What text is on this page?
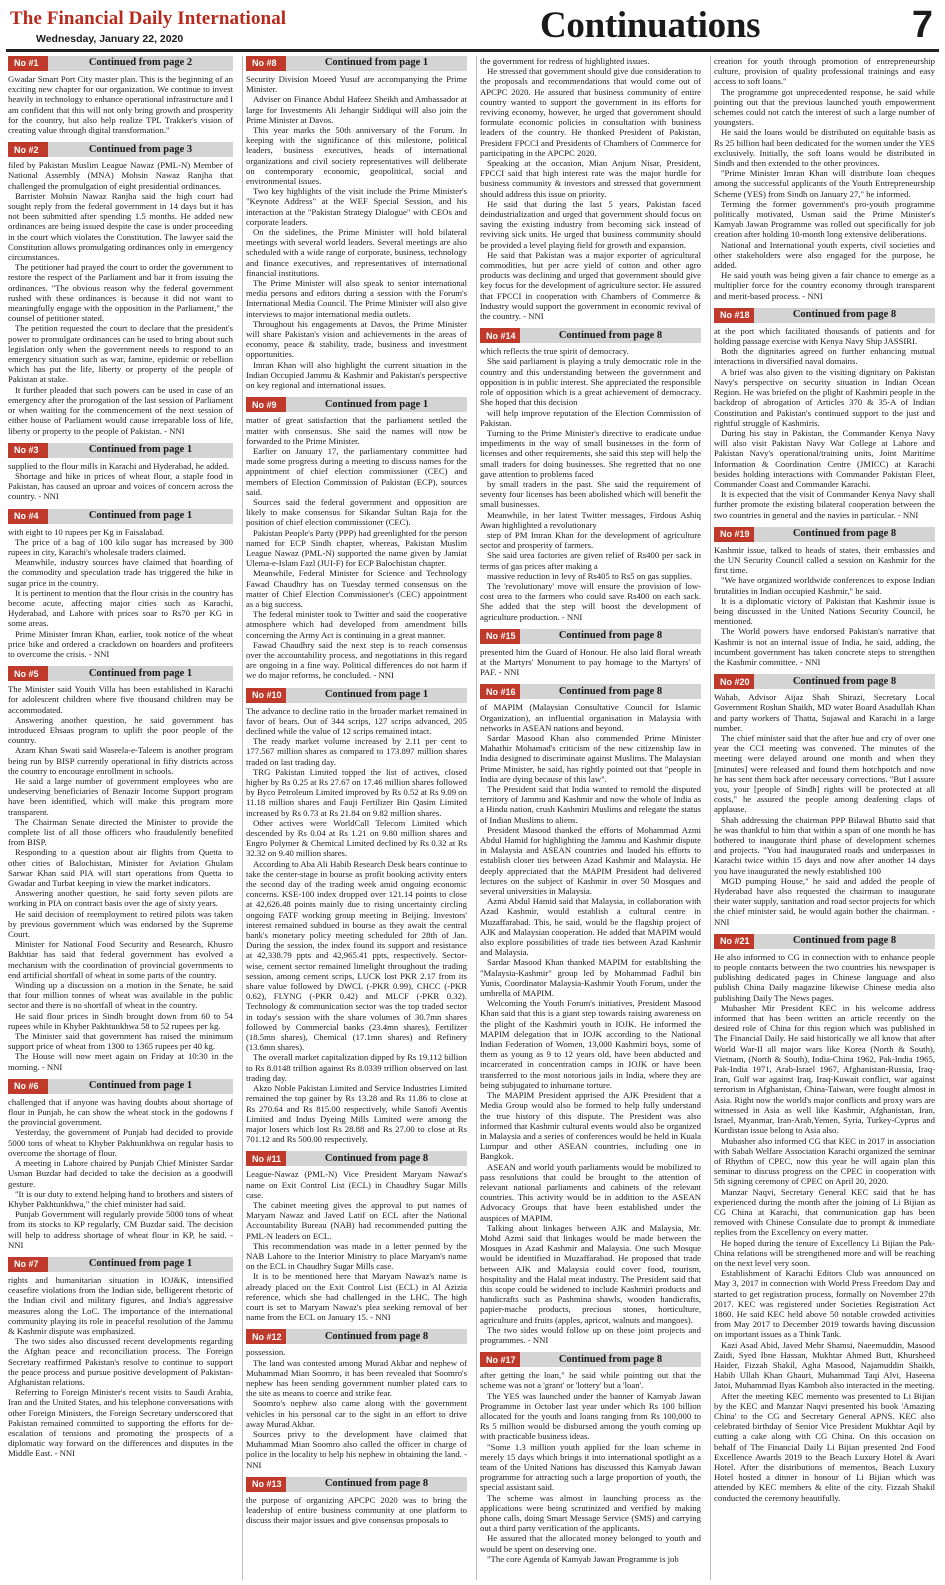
The Financial Daily International
Wednesday, January 22, 2020	Continuations	7
No #1	Continued from page 2

Gwadar Smart Port City master plan. This is the beginning of an exciting new chapter for our organization. We continue to invest heavily in technology to enhance operational infrastructure and I am confident that this will not only bring growth and prosperity for the country, but also help realize TPL Trakker's vision of creating value through digital transformation."

No #2	Continued from page 3

filed by Pakistan Muslim League Nawaz (PML-N) Member of National Assembly (MNA) Mohsin Nawaz Ranjha that challenged the promulgation of eight presidential ordinances.

Barrister Mohsin Nawaz Ranjha said the high court had sought reply from the federal government in 14 days but it has not been submitted after spending 1.5 months. He added new ordinances are being issued despite the case is under proceeding in the court which violates the Constitution. The lawyer said the Constitution allows promulgating ordinances only in emergency circumstances.

The petitioner had prayed the court to order the government to restore the respect of the Parliament and bar it from issuing the ordinances. "The obvious reason why the federal government rushed with these ordinances is because it did not want to meaningfully engage with the opposition in the Parliament," the counsel of petitioner stated.

The petition requested the court to declare that the president's power to promulgate ordinances can be used to bring about such legislation only when the government needs to respond to an emergency situation such as war, famine, epidemic or rebellion which has put the life, liberty or property of the people of Pakistan at stake.

It further pleaded that such powers can be used in case of an emergency after the prorogation of the last session of Parliament or when waiting for the commencement of the next session of either house of Parliament would cause irreparable loss of life, liberty or property to the people of Pakistan. - NNI

No #3	Continued from page 1

supplied to the flour mills in Karachi and Hyderabad, he added.

Shortage and hike in prices of wheat flour, a staple food in Pakistan, has caused an uproar and voices of concern across the country. - NNI

No #4	Continued from page 1

with eight to 10 rupees per Kg in Faisalabad.

The price of a bag of 100 kilo sugar has increased by 300 rupees in city, Karachi's wholesale traders claimed.

Meanwhile, industry sources have claimed that hoarding of the commodity and speculation trade has triggered the hike in sugar price in the country.

It is pertinent to mention that the flour crisis in the country has become acute, affecting major cities such as Karachi, Hyderabad, and Lahore with prices soar to Rs70 per KG in some areas.

Prime Minister Imran Khan, earlier, took notice of the wheat price hike and ordered a crackdown on hoarders and profiteers to overcome the crisis. - NNI

No #5	Continued from page 1

The Minister said Youth Villa has been established in Karachi for adolescent children where five thousand children may be accommodated.

Answering another question, he said government has introduced Ehsaas program to uplift the poor people of the country.

Azam Khan Swati said Waseela-e-Taleem is another program being run by BISP currently operational in fifty districts across the country to encourage enrollment in schools.

He said a large number of government employees who are undeserving beneficiaries of Benazir Income Support program have been identified, which will make this program more transparent.

The Chairman Senate directed the Minister to provide the complete list of all those officers who fraudulently benefited from BISP.

Responding to a question about air flights from Quetta to other cities of Balochistan, Minister for Aviation Ghulam Sarwar Khan said PIA will start operations from Quetta to Gwadar and Turbat keeping in view the market indicators.

Answering another question, he said forty seven pilots are working in PIA on contract basis over the age of sixty years.

He said decision of reemployment to retired pilots was taken by previous government which was endorsed by the Supreme Court.

Minister for National Food Security and Research, Khusro Bakhtiar has said that federal government has evolved a mechanism with the coordination of provincial governments to end artificial shortfall of wheat in some parts of the country.

Winding up a discussion on a motion in the Senate, he said that four million tonnes of wheat was available in the public sector and there is no shortfall of wheat in the country.

He said flour prices in Sindh brought down from 60 to 54 rupees while in Khyber Pakhtunkhwa 58 to 52 rupees per kg.

The Minister said that government has raised the minimum support price of wheat from 1300 to 1365 rupees per 40 kg.

The House will now meet again on Friday at 10:30 in the morning. - NNI

No #6	Continued from page 1

challenged that if anyone was having doubts about shortage of flour in Punjab, he can show the wheat stock in the godowns f the provincial government.

Yesterday, the government of Punjab had decided to provide 5000 tons of wheat to Khyber Pakhtunkhwa on regular basis to overcome the shortage of flour.

A meeting in Lahore chaired by Punjab Chief Minister Sardar Usman Buzdar had decided to take the decision as a goodwill gesture.

"It is our duty to extend helping hand to brothers and sisters of Khyber Pakhtunkhwa," the chief minister had said.

Punjab Government will regularly provide 5000 tons of wheat from its stocks to KP regularly, CM Buzdar said. The decision will help to address shortage of wheat flour in KP, he said. - NNI

No #7	Continued from page 1

rights and humanitarian situation in IOJ&K, intensified ceasefire violations from the Indian side, belligerent rhetoric of the Indian civil and military figures, and India's aggressive measures along the LoC. The importance of the international community playing its role in peaceful resolution of the Jammu & Kashmir dispute was emphasized.

The two sides also discussed recent developments regarding the Afghan peace and reconciliation process. The Foreign Secretary reaffirmed Pakistan's resolve to continue to support the peace process and pursue positive development of Pakistan-Afghanistan relations.

Referring to Foreign Minister's recent visits to Saudi Arabia, Iran and the United States, and his telephone conversations with other Foreign Ministers, the Foreign Secretary underscored that Pakistan remained committed to supporting the efforts for de-escalation of tensions and promoting the prospects of a diplomatic way forward on the differences and disputes in the Middle East. - NNI

No #8	Continued from page 1

Security Division Moeed Yusuf are accompanying the Prime Minister.

Adviser on Finance Abdul Hafeez Sheikh and Ambassador at large for Investments Ali Jehangir Siddiqui will also join the Prime Minister at Davos.

This year marks the 50th anniversary of the Forum. In keeping with the significance of this milestone, political leaders, business executives, heads of international organizations and civil society representatives will deliberate on contemporary economic, geopolitical, social and environmental issues.

Two key highlights of the visit include the Prime Minister's "Keynote Address" at the WEF Special Session, and his interaction at the "Pakistan Strategy Dialogue" with CEOs and corporate leaders.

On the sidelines, the Prime Minister will hold bilateral meetings with several world leaders. Several meetings are also scheduled with a wide range of corporate, business, technology and finance executives, and representatives of international financial institutions.

The Prime Minister will also speak to senior international media persons and editors during a session with the Forum's International Media Council. The Prime Minister will also give interviews to major international media outlets.

Throughout his engagements at Davos, the Prime Minister will share Pakistan's vision and achievements in the areas of economy, peace & stability, trade, business and investment opportunities.

Imran Khan will also highlight the current situation in the Indian Occupied Jammu & Kashmir and Pakistan's perspective on key regional and international issues.

No #9	Continued from page 1

matter of great satisfaction that the parliament settled the matter with consensus. She said the names will now be forwarded to the Prime Minister.

Earlier on January 17, the parliamentary committee had made some progress during a meeting to discuss names for the appointment of chief election commissioner (CEC) and members of Election Commission of Pakistan (ECP), sources said.

Sources said the federal government and opposition are likely to make consensus for Sikandar Sultan Raja for the position of chief election commissioner (CEC).

Pakistan People's Party (PPP) had greenlighted for the person named for ECP Sindh chapter, whereas, Pakistan Muslim League Nawaz (PML-N) supported the name given by Jamiat Ulema-e-Islam Fazl (JUI-F) for ECP Balochistan chapter.

Meanwhile, Federal Minister for Science and Technology Fawad Chaudhry has on Tuesday termed consensus on the matter of Chief Election Commissioner's (CEC) appointment as a big success.

The federal minister took to Twitter and said the cooperative atmosphere which had developed from amendment bills concerning the Army Act is continuing in a great manner.

Fawad Chaudhry said the next step is to reach consensus over the accountability process, and negotiations in this regard are ongoing in a fine way. Political differences do not harm if we do major reforms, he concluded. - NNI

No #10	Continued from page 1

The advance to decline ratio in the broader market remained in favor of bears. Out of 344 scrips, 127 scrips advanced, 205 declined while the value of 12 scrips remained intact.

The ready market volume increased by 2.11 per cent to 177.567 million shares as compared to 173.897 million shares traded on last trading day.

TRG Pakistan Limited topped the list of actives, closed higher by Rs 0.25 at Rs 27.67 on 17.46 million shares followed by Byco Petroleum Limited improved by Rs 0.52 at Rs 9.09 on 11.18 million shares and Fauji Fertilizer Bin Qasim Limited increased by Rs 0.73 at Rs 21.84 on 9.82 million shares.

Other actives were WorldCall Telecom Limited which descended by Rs 0.04 at Rs 1.21 on 9.80 million shares and Engro Polymer & Chemical Limited declined by Rs 0.32 at Rs 32.32 on 9.40 million shares.

According to Aba Ali Habib Research Desk bears continue to take the center-stage in bourse as profit booking activity enters the second day of the trading week amid ongoing economic concerns. KSE-100 index dropped over 121.14 points to close at 42,626.48 points mainly due to rising uncertainty circling ongoing FATF working group meeting in Beijing. Investors' interest remained subdued in bourse as they await the central bank's monetary policy meeting scheduled for 28th of Jan. During the session, the index found its support and resistance at 42,338.79 ppts and 42,965.41 ppts, respectively. Sector-wise, cement sector remained limelight throughout the trading session, among cement scrips, LUCK lost PKR 2.17 from its share value followed by DWCL (-PKR 0.99), CHCC (-PKR 0.62), FLYNG (-PKR 0.42) and MLCF (-PKR 0.32). Technology & communication sector was the top traded sector in today's session with the share volumes of 30.7mn shares followed by Commercial banks (23.4mn shares), Fertilizer (18.5mn shares), Chemical (17.1mn shares) and Refinery (13.6mn shares).

The overall market capitalization dipped by Rs 19.112 billion to Rs 8.0148 trillion against Rs 8.0339 trillion observed on last trading day.

Akzo Noble Pakistan Limited and Service Industries Limited remained the top gainer by Rs 13.28 and Rs 11.86 to close at Rs 270.64 and Rs 815.00 respectively, while Sanofi Aventis Limited and Indus Dyeing Mills Limited were among the major losers which lost Rs 28.88 and Rs 27.00 to close at Rs 701.12 and Rs 500.00 respectively.

No #11	Continued from page 8

League-Nawaz (PML-N) Vice President Maryam Nawaz's name on Exit Control List (ECL) in Chaudhry Sugar Mills case.

The cabinet meeting gives the approval to put names of Maryam Nawaz and Javed Latif on ECL after the National Accountability Bureau (NAB) had recommended putting the PML-N leaders on ECL.

This recommendation was made in a letter penned by the NAB Lahore to the Interior Ministry to place Maryam's name on the ECL in Chaudhry Sugar Mills case.

It is to be mentioned here that Maryam Nawaz's name is already placed on the Exit Control List (ECL) in Al Azizia reference, which she had challenged in the LHC. The high court is set to Maryam Nawaz's plea seeking removal of her name from the ECL on January 15. - NNI

No #12	Continued from page 8

possession.

The land was contested among Murad Akbar and nephew of Muhammad Mian Soomro, it has been revealed that Soomro's nephew has been sending government number plated cars to the site as means to coerce and strike fear.

Soomro's nephew also came along with the government vehicles in his personal car to the sight in an effort to drive away Murad Akbar.

Sources privy to the development have claimed that Muhammad Mian Soomro also called the officer in charge of police in the locality to help his nephew in obtaining the land. - NNI

No #13	Continued from page 8

the purpose of organizing APCPC 2020 was to bring the leadership of entire business community at one platform to discuss their major issues and give consensus proposals to

the government for redress of highlighted issues.

He stressed that government should give due consideration to the proposals and recommendations that would come out of APCPC 2020. He assured that business community of entire country wanted to support the government in its efforts for reviving economy, however, he urged that government should formulate economic policies in consultation with business leaders of the country. He thanked President of Pakistan, President FPCCI and Presidents of Chambers of Commerce for participating in the APCPC 2020.

Speaking at the occasion, Mian Anjum Nisar, President, FPCCI said that high interest rate was the major hurdle for business community & investors and stressed that government should address this issue on priority.

He said that during the last 5 years, Pakistan faced deindustrialization and urged that government should focus on saving the existing industry from becoming sick instead of reviving sick units. He urged that business community should be provided a level playing field for growth and expansion.

He said that Pakistan was a major exporter of agricultural commodities, but per acre yield of cotton and other agro products was declining and urged that government should give key focus for the development of agriculture sector. He assured that FPCCI in cooperation with Chambers of Commerce & Industry would support the government in economic revival of the country. - NNI

No #14	Continued from page 8

which reflects the true spirit of democracy.

She said parliament is playing a truly democratic role in the country and this understanding between the government and opposition is in public interest. She appreciated the responsible role of opposition which is a great achievement of democracy. She hoped that this decision

will help improve reputation of the Election Commission of Pakistan.

Turning to the Prime Minister's directive to eradicate undue impediments in the way of small businesses in the form of licenses and other requirements, she said this step will help the small traders for doing businesses. She regretted that no one gave attention to problems faced

by small traders in the past. She said the requirement of seventy four licenses has been abolished which will benefit the small businesses.

Meanwhile, in her latest Twitter messages, Firdous Ashiq Awan highlighted a revolutionary

step of PM Imran Khan for the development of agriculture sector and prosperity of farmers.

She said urea factories are given relief of Rs400 per sack in terms of gas prices after making a

massive reduction in levy of Rs405 to Rs5 on gas supplies.

The 'revolutionary' move will ensure the provision of low-cost urea to the farmers who could save Rs400 on each sack. She added that the step will boost the development of agriculture production. - NNI

No #15	Continued from page 8

presented him the Guard of Honour. He also laid floral wreath at the Martyrs' Monument to pay homage to the Martyrs' of PAF. - NNI

No #16	Continued from page 8

of MAPIM (Malaysian Consultative Council for Islamic Organization), an influential organisation in Malaysia with networks in ASEAN nations and beyond.

Sardar Masood Khan also commended Prime Minister Mahathir Mohamad's criticism of the new citizenship law in India designed to discriminate against Muslims. The Malaysian Prime Minister, he said, has rightly pointed out that "people in India are dying because of this law".

The President said that India wanted to remold the disputed territory of Jammu and Kashmir and now the whole of India as a Hindu nation, crush Kashmiri Muslims and relegate the status of Indian Muslims to aliens.

President Masood thanked the efforts of Mohammad Azmi Abdul Hamid for highlighting the Jammu and Kashmir dispute in Malaysia and ASEAN countries and lauded his efforts to establish closer ties between Azad Kashmir and Malaysia. He deeply appreciated that the MAPIM President had delivered lectures on the subject of Kashmir in over 50 Mosques and several universities in Malaysia.

Azmi Abdul Hamid said that Malaysia, in collaboration with Azad Kashmir, would establish a cultural centre in Muzaffarabad. This, he said, would be the flagship project of AJK and Malaysian cooperation. He added that MAPIM would also explore possibilities of trade ties between Azad Kashmir and Malaysia.

Sardar Masood Khan thanked MAPIM for establishing the "Malaysia-Kashmir" group led by Mohammad Fadhil bin Yunis, Coordinator Malaysia-Kashmir Youth Forum, under the umbrella of MAPIM.

Welcoming the Youth Forum's initiatives, President Masood Khan said that this is a giant step towards raising awareness on the plight of the Kashmiri youth in IOJK. He informed the MAPIM delegation that in IOJK according to the National Indian Federation of Women, 13,000 Kashmiri boys, some of them as young as 9 to 12 years old, have been abducted and incarcerated in concentration camps in IOJK or have been transferred to the most notorious jails in India, where they are being subjugated to inhumane torture.

The MAPIM President apprised the AJK President that a Media Group would also be formed to help fully understand the true history of this dispute. The President was also informed that Kashmir cultural events would also be organized in Malaysia and a series of conferences would be held in Kuala Lumpur and other ASEAN countries, including one in Bangkok.

ASEAN and world youth parliaments would be mobilized to pass resolutions that could be brought to the attention of relevant national parliaments and cabinets of the relevant countries. This activity would be in addition to the ASEAN Advocacy Groups that have been established under the auspices of MAPIM.

Talking about linkages between AJK and Malaysia, Mr. Mohd Azmi said that linkages would be made between the Mosques in Azad Kashmir and Malaysia. One such Mosque would be identified in Muzaffarabad. He proposed that trade between AJK and Malaysia could cover food, tourism, hospitality and the Halal meat industry. The President said that this scope could be widened to include Kashmiri products and handicrafts such as Pashmina shawls, wooden handicrafts, papier-mache products, precious stones, horticulture, agriculture and fruits (apples, apricot, walnuts and mangoes).

The two sides would follow up on these joint projects and programmes. - NNI

No #17	Continued from page 8

after getting the loan," he said while pointing out that the scheme was not a 'grant' or 'lottery' but a 'loan'.

The YES was launched under the banner of Kamyab Jawan Programme in October last year under which Rs 100 billion allocated for the youth and loans ranging from Rs 100,000 to Rs 5 million would be disbursed among the youth coming up with practicable business ideas.

"Some 1.3 million youth applied for the loan scheme in merely 15 days which brings it into international spotlight as a team of the United Nations has discussed this Kamyab Jawan programme for attracting such a large proportion of youth, the special assistant said.

The scheme was almost in launching process as the applications were being scrutinized and verified by making phone calls, doing Smart Message Service (SMS) and carrying out a third party verification of the applicants.

He assured that the allocated money belonged to youth and would be spent on deserving one.

"The core Agenda of Kamyab Jawan Programme is job

creation for youth through promotion of entrepreneurship culture, provision of quality professional trainings and easy access to soft loans."

The programme got unprecedented response, he said while pointing out that the previous launched youth empowerment schemes could not catch the interest of such a large number of youngsters.

He said the loans would be distributed on equitable basis as Rs 25 billion had been dedicated for the women under the YES exclusively. Initially, the soft loans would be distributed in Sindh and then extended to the other provinces.

"Prime Minister Imran Khan will distribute loan cheques among the successful applicants of the Youth Entrepreneurship Scheme (YES) from Sindh on January 27," he informed.

Terming the former government's pro-youth programme politically motivated, Usman said the Prime Minister's Kamyab Jawan Programme was rolled out specifically for job creation after holding 10-month long extensive deliberations.

National and International youth experts, civil societies and other stakeholders were also engaged for the purpose, he added.

He said youth was being given a fair chance to emerge as a multiplier force for the country economy through transparent and merit-based process. - NNI

No #18	Continued from page 8

at the port which facilitated thousands of patients and for holding passage exercise with Kenya Navy Ship JASSIRI.

Both the dignitaries agreed on further enhancing mutual interactions in diversified naval domains.

A brief was also given to the visiting dignitary on Pakistan Navy's perspective on security situation in Indian Ocean Region. He was briefed on the plight of Kashmiri people in the backdrop of abrogation of Articles 370 & 35-A of Indian Constitution and Pakistan's continued support to the just and rightful struggle of Kashmiris.

During his stay in Pakistan, the Commander Kenya Navy will also visit Pakistan Navy War College at Lahore and Pakistan Navy's operational/training units, Joint Maritime Information & Coordination Centre (JMICC) at Karachi besides holding interactions with Commander Pakistan Fleet, Commander Coast and Commander Karachi.

It is expected that the visit of Commander Kenya Navy shall further promote the existing bilateral cooperation between the two countries in general and the navies in particular. - NNI

No #19	Continued from page 8

Kashmir issue, talked to heads of states, their embassies and the UN Security Council called a session on Kashmir for the first time.

"We have organized worldwide conferences to expose Indian brutalities in Indian occupied Kashmir," he said.

It is a diplomatic victory of Pakistan that Kashmir issue is being discussed in the United Nations Security Council, he mentioned.

The World powers have endorsed Pakistan's narrative that Kashmir is not an internal issue of India, he said, adding, the incumbent government has taken concrete steps to strengthen the Kashmir committee. - NNI

No #20	Continued from page 8

Wahab, Advisor Aijaz Shah Shirazi, Secretary Local Government Roshan Shaikh, MD water Board Asadullah Khan and party workers of Thatta, Sujawal and Karachi in a large number.

The chief minister said that the after hue and cry of over one year the CCI meeting was convened. The minutes of the meeting were delayed around one month and when they [minutes] were released and found them hotchpotch and now he has sent them back after necessary corrections. "But I assure you, your [people of Sindh] rights will be protected at all costs," he assured the people among deafening claps of applause.

Shah addressing the chairman PPP Bilawal Bhutto said that he was thankful to him that within a span of one month he has bothered to inaugurate third phase of development schemes and projects. "You had inaugurated roads and underpasses in Karachi twice within 15 days and now after another 14 days you have inaugurated the newly established 100

MGD pumping House," he said and added the people of Hyderabad have also requested the chairman to inaugurate their water supply, sanitation and road sector projects for which the chief minister said, he would again bother the chairman. -NNI

No #21	Continued from page 8

He also informed to CG in connection with to enhance people to people contacts between the two countries his newspaper is publishing dedicated pages in Chinese language and also publish China Daily magazine likewise Chinese media also publishing Daily The News pages.

Mubasher Mir President KEC in his welcome address informed that has been written an article recently on the desired role of China for this region which was published in The Financial Daily. He said historically we all know that after World War-II all major wars like Korea (North & South), Vietnam, (North & South), India-China 1962, Pak-India 1965, Pak-India 1971, Arab-Israel 1967, Afghanistan-Russia, Iraq-Iran, Gulf war against Iraq, Iraq-Kuwait conflict, war against terrorism in Afghanistan, China-Taiwan, were fought almost in Asia. Right now the world's major conflicts and proxy wars are witnessed in Asia as well like Kashmir, Afghanistan, Iran, Israel, Myanmar, Iran-Arab,Yemen, Syria, Turkey-Cyprus and Kurdistan issue belong to Asia also.

Mubasher also informed CG that KEC in 2017 in association with Sabah Welfare Association Karachi organized the seminar of Rhythm of CPEC, now this year he will again plan this seminar to discuss progress on the CPEC in cooperation with 5th signing ceremony of CPEC on April 20, 2020.

Manzar Naqvi, Secretary General KEC said that he has experienced during the month after the joining of Li Bijian as CG China at Karachi, that communication gap has been removed with Chinese Consulate due to prompt & immediate replies from the Excellency on every matter.

He hoped during the tenure of Excellency Li Bijian the Pak-China relations will be strengthened more and will be reaching on the next level very soon.

Establishment of Karachi Editors Club was announced on May 3, 2017 in connection with World Press Freedom Day and started to get registration process, formally on November 27th 2017. KEC was registered under Societies Registration Act 1860. He said KEC held above 50 notable crowded activities from May 2017 to December 2019 towards having discussion on important issues as a Think Tank.

Kazi Asad Abid, Javed Mehr Shamsi, Naeemuddin, Masood Zaidi, Syed Ibne Hassan, Mukhtar Ahmed Butt, Khursheed Haider, Fizzah Shakil, Agha Masood, Najamuddin Shaikh, Habib Ullah Khan Ghauri, Muhammad Taqi Alvi, Haseena Jatoi, Muhammad Ilyas Kamboh also interacted in the meeting.

After the meeting KEC memento was presented to Li Bijian by the KEC and Manzar Naqvi presented his book 'Amazing China' to the CG and Secretary General APNS. KEC also celebrated birthday of Senior Vice President Mukhtar Aqil by cutting a cake along with CG China. On this occasion on behalf of The Financial Daily Li Bijian presented 2nd Food Excellence Awards 2019 to the Beach Luxury Hotel & Avari Hotel. After the distributions of mementos, Beach Luxury Hotel hosted a dinner in honour of Li Bijian which was attended by KEC members & elite of the city. Fizzah Shakil conducted the ceremony beautifully.
